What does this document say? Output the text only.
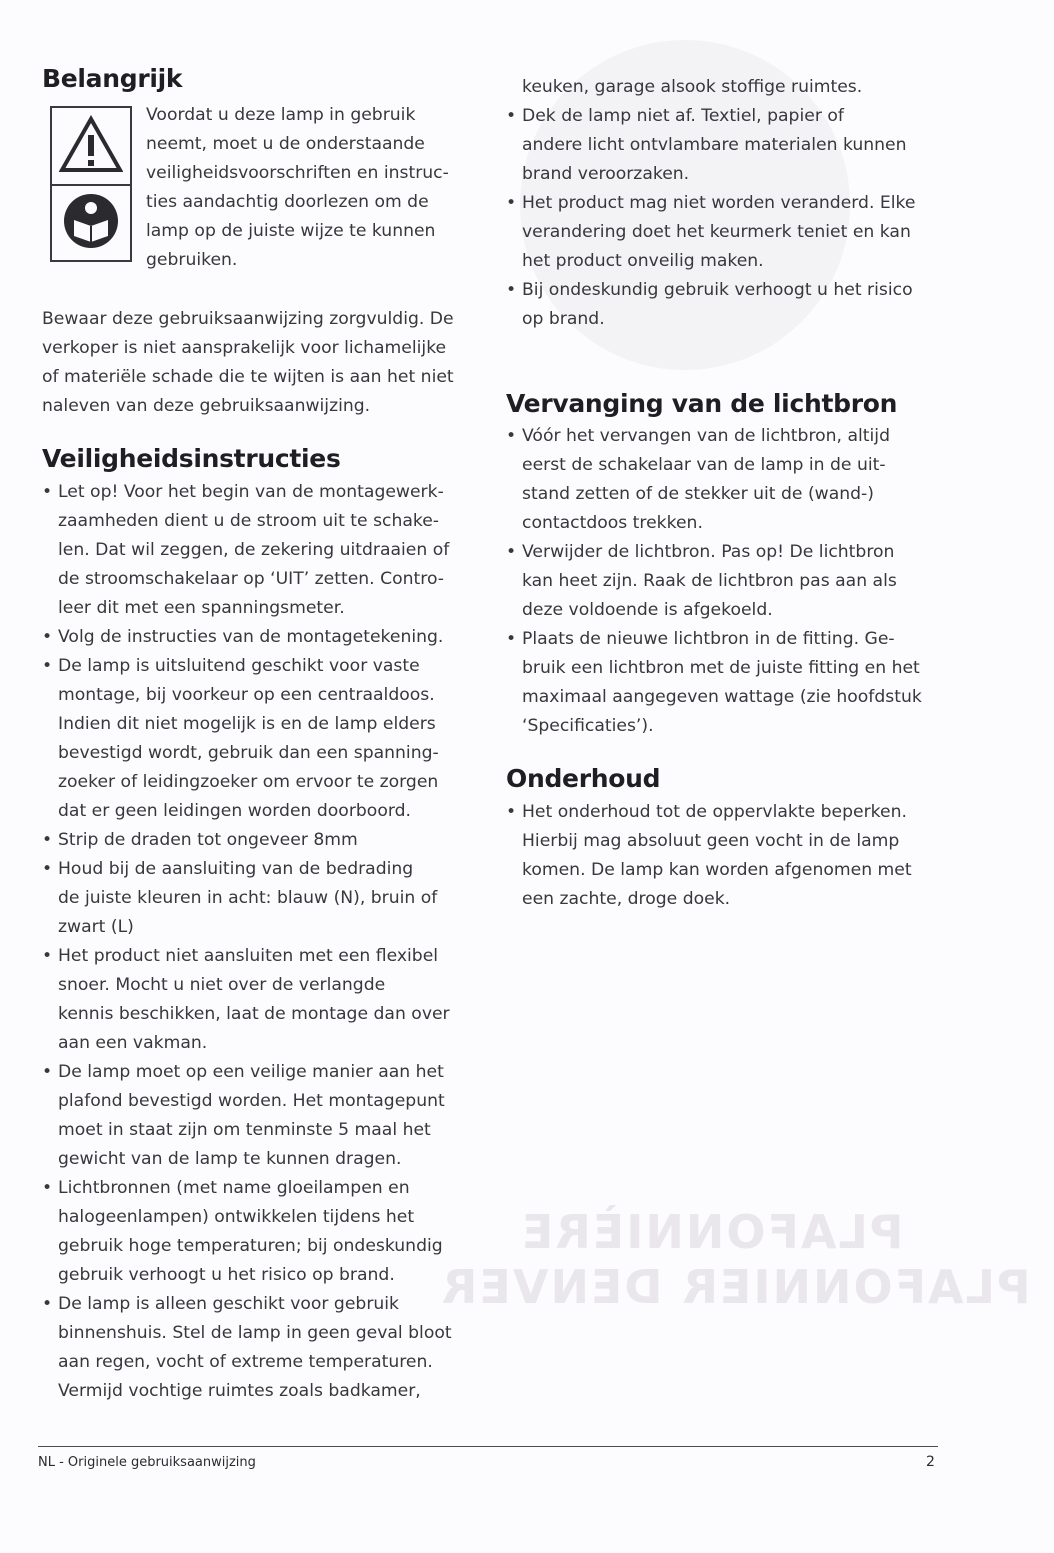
PLAFONNIÈRE
PLAFONNIER DENVER
Belangrijk

Voordat u deze lamp in gebruik

neemt, moet u de onderstaande

veiligheidsvoorschriften en instruc-

ties aandachtig doorlezen om de

lamp op de juiste wijze te kunnen

gebruiken.

Bewaar deze gebruiksaanwijzing zorgvuldig. De

verkoper is niet aansprakelijk voor lichamelijke

of materiële schade die te wijten is aan het niet

naleven van deze gebruiksaanwijzing.

Veiligheidsinstructies
• Let op! Voor het begin van de montagewerk-
zaamheden dient u de stroom uit te schake-
len. Dat wil zeggen, de zekering uitdraaien of
de stroomschakelaar op ‘UIT’ zetten. Contro-
leer dit met een spanningsmeter.
• Volg de instructies van de montagetekening.
• De lamp is uitsluitend geschikt voor vaste
montage, bij voorkeur op een centraaldoos.
Indien dit niet mogelijk is en de lamp elders
bevestigd wordt, gebruik dan een spanning-
zoeker of leidingzoeker om ervoor te zorgen
dat er geen leidingen worden doorboord.
• Strip de draden tot ongeveer 8mm
• Houd bij de aansluiting van de bedrading
de juiste kleuren in acht: blauw (N), bruin of
zwart (L)
• Het product niet aansluiten met een flexibel
snoer. Mocht u niet over de verlangde
kennis beschikken, laat de montage dan over
aan een vakman.
• De lamp moet op een veilige manier aan het
plafond bevestigd worden. Het montagepunt
moet in staat zijn om tenminste 5 maal het
gewicht van de lamp te kunnen dragen.
• Lichtbronnen (met name gloeilampen en
halogeenlampen) ontwikkelen tijdens het
gebruik hoge temperaturen; bij ondeskundig
gebruik verhoogt u het risico op brand.
• De lamp is alleen geschikt voor gebruik
binnenshuis. Stel de lamp in geen geval bloot
aan regen, vocht of extreme temperaturen.
Vermijd vochtige ruimtes zoals badkamer,

keuken, garage alsook stoffige ruimtes.

• Dek de lamp niet af. Textiel, papier of
andere licht ontvlambare materialen kunnen
brand veroorzaken.
• Het product mag niet worden veranderd. Elke
verandering doet het keurmerk teniet en kan
het product onveilig maken.
• Bij ondeskundig gebruik verhoogt u het risico
op brand.
Vervanging van de lichtbron
• Vóór het vervangen van de lichtbron, altijd
eerst de schakelaar van de lamp in de uit-
stand zetten of de stekker uit de (wand-)
contactdoos trekken.
• Verwijder de lichtbron. Pas op! De lichtbron
kan heet zijn. Raak de lichtbron pas aan als
deze voldoende is afgekoeld.
• Plaats de nieuwe lichtbron in de fitting. Ge-
bruik een lichtbron met de juiste fitting en het
maximaal aangegeven wattage (zie hoofdstuk
‘Specificaties’).
Onderhoud
• Het onderhoud tot de oppervlakte beperken.
Hierbij mag absoluut geen vocht in de lamp
komen. De lamp kan worden afgenomen met
een zachte, droge doek.
NL - Originele gebruiksaanwijzing	2
